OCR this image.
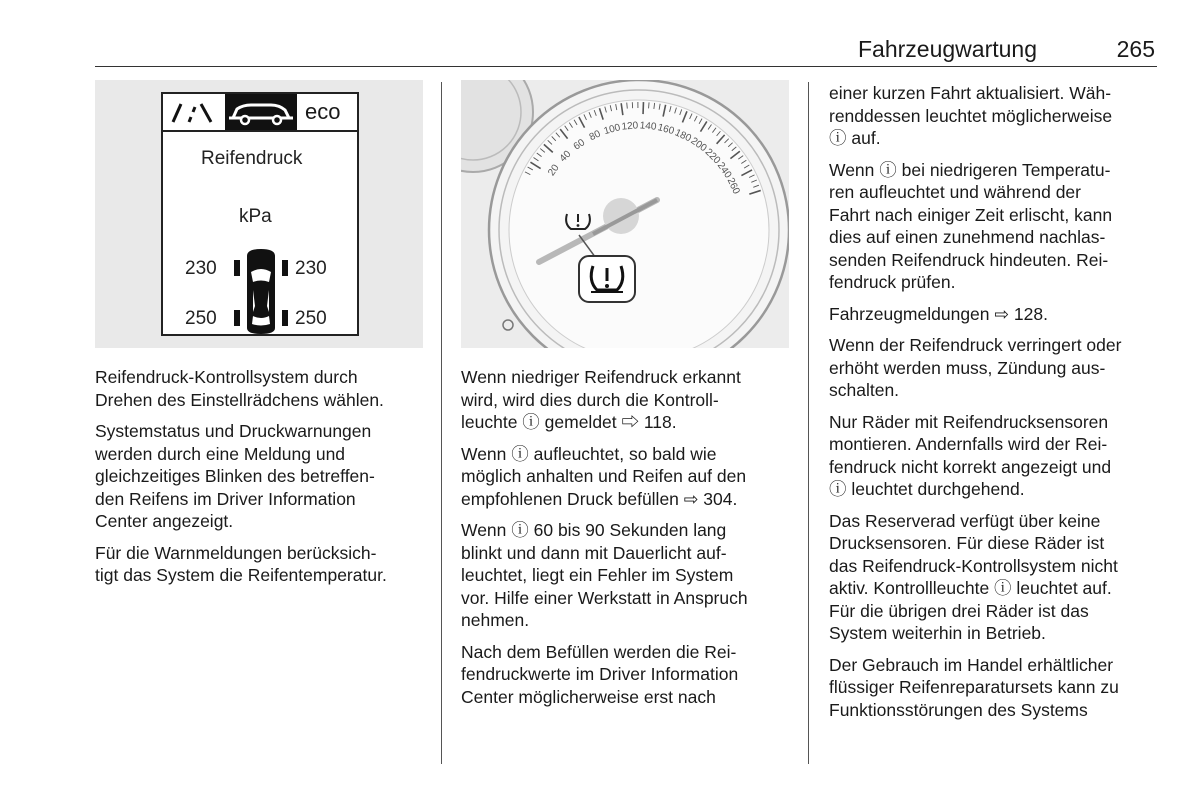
Fahrzeugwartung	265
eco
Reifendruck
kPa
230	230
250	250
20
40
60
80 100 120 140 160
180
200
220
240
260

Reifendruck-Kontrollsystem durch
Drehen des Einstellrädchens wählen.

Systemstatus und Druckwarnungen
werden durch eine Meldung und
gleichzeitiges Blinken des betreffen-
den Reifens im Driver Information
Center angezeigt.

Für die Warnmeldungen berücksich-
tigt das System die Reifentemperatur.

Wenn niedriger Reifendruck erkannt
wird, wird dies durch die Kontroll-
leuchte ⓘ gemeldet ⇨ 118.

Wenn ⓘ aufleuchtet, so bald wie
möglich anhalten und Reifen auf den
empfohlenen Druck befüllen ⇨ 304.

Wenn ⓘ 60 bis 90 Sekunden lang
blinkt und dann mit Dauerlicht auf-
leuchtet, liegt ein Fehler im System
vor. Hilfe einer Werkstatt in Anspruch
nehmen.

Nach dem Befüllen werden die Rei-
fendruckwerte im Driver Information
Center möglicherweise erst nach

einer kurzen Fahrt aktualisiert. Wäh-
renddessen leuchtet möglicherweise
ⓘ auf.

Wenn ⓘ bei niedrigeren Temperatu-
ren aufleuchtet und während der
Fahrt nach einiger Zeit erlischt, kann
dies auf einen zunehmend nachlas-
senden Reifendruck hindeuten. Rei-
fendruck prüfen.

Fahrzeugmeldungen ⇨ 128.

Wenn der Reifendruck verringert oder
erhöht werden muss, Zündung aus-
schalten.

Nur Räder mit Reifendrucksensoren
montieren. Andernfalls wird der Rei-
fendruck nicht korrekt angezeigt und
ⓘ leuchtet durchgehend.

Das Reserverad verfügt über keine
Drucksensoren. Für diese Räder ist
das Reifendruck-Kontrollsystem nicht
aktiv. Kontrollleuchte ⓘ leuchtet auf.
Für die übrigen drei Räder ist das
System weiterhin in Betrieb.

Der Gebrauch im Handel erhältlicher
flüssiger Reifenreparatursets kann zu
Funktionsstörungen des Systems
